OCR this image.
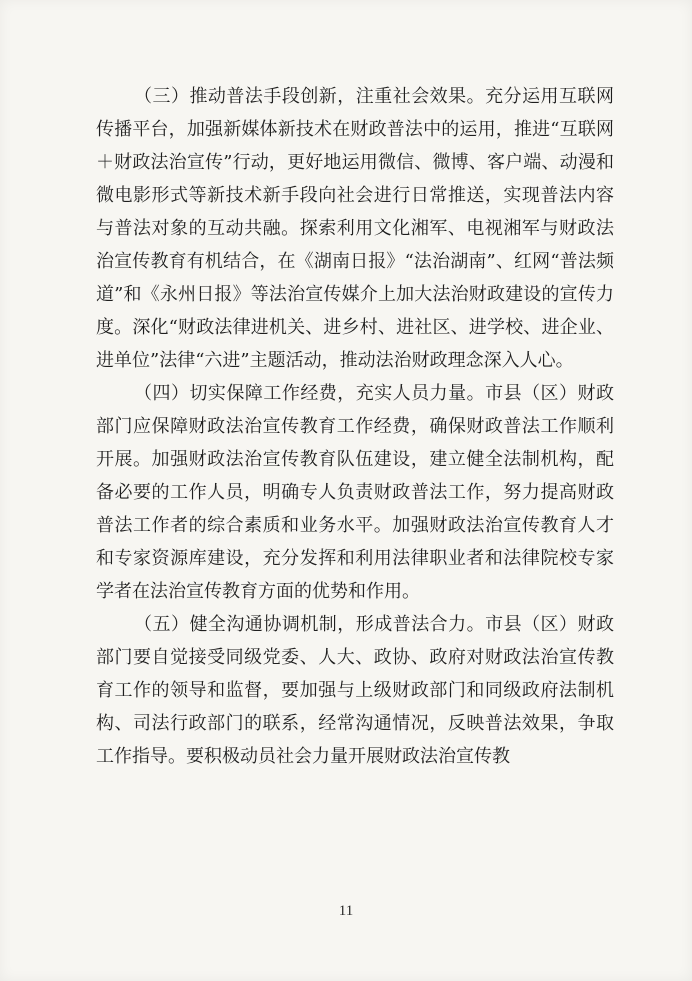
（三）推动普法手段创新，注重社会效果。充分运用互联网传播平台，加强新媒体新技术在财政普法中的运用，推进“互联网＋财政法治宣传”行动，更好地运用微信、微博、客户端、动漫和微电影形式等新技术新手段向社会进行日常推送，实现普法内容与普法对象的互动共融。探索利用文化湘军、电视湘军与财政法治宣传教育有机结合，在《湖南日报》“法治湖南”、红网“普法频道”和《永州日报》等法治宣传媒介上加大法治财政建设的宣传力度。深化“财政法律进机关、进乡村、进社区、进学校、进企业、进单位”法律“六进”主题活动，推动法治财政理念深入人心。

（四）切实保障工作经费，充实人员力量。市县（区）财政部门应保障财政法治宣传教育工作经费，确保财政普法工作顺利开展。加强财政法治宣传教育队伍建设，建立健全法制机构，配备必要的工作人员，明确专人负责财政普法工作，努力提高财政普法工作者的综合素质和业务水平。加强财政法治宣传教育人才和专家资源库建设，充分发挥和利用法律职业者和法律院校专家学者在法治宣传教育方面的优势和作用。

（五）健全沟通协调机制，形成普法合力。市县（区）财政部门要自觉接受同级党委、人大、政协、政府对财政法治宣传教育工作的领导和监督，要加强与上级财政部门和同级政府法制机构、司法行政部门的联系，经常沟通情况，反映普法效果，争取工作指导。要积极动员社会力量开展财政法治宣传教

11
